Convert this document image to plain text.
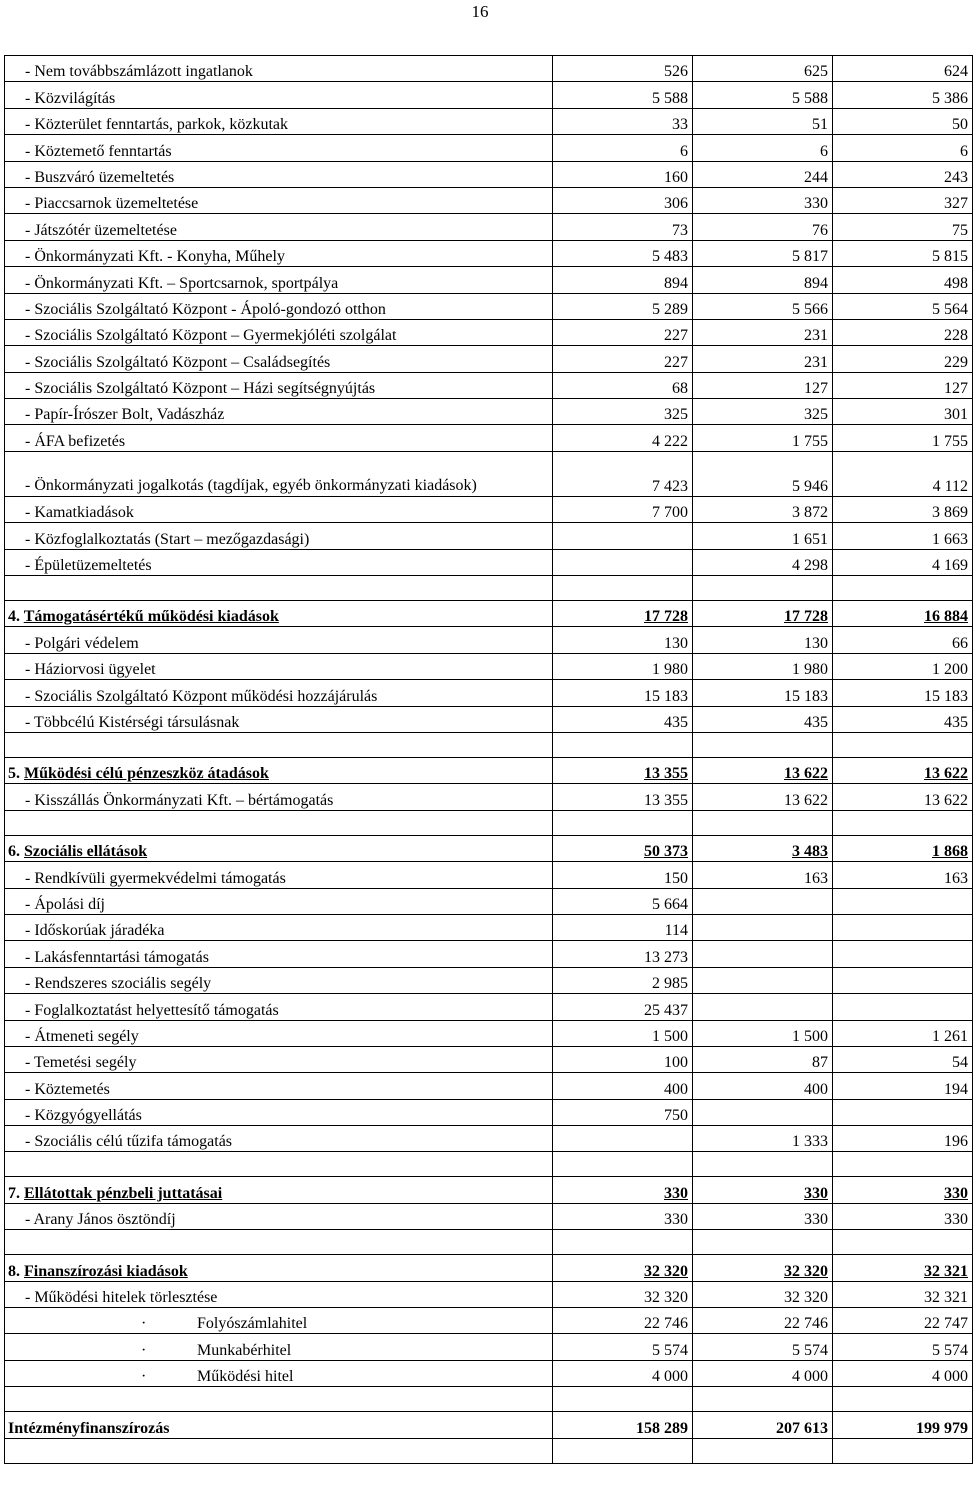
16
- Nem továbbszámlázott ingatlanok	526	625	624
- Közvilágítás	5 588	5 588	5 386
- Közterület fenntartás, parkok, közkutak	33	51	50
- Köztemető fenntartás	6	6	6
- Buszváró üzemeltetés	160	244	243
- Piaccsarnok üzemeltetése	306	330	327
- Játszótér üzemeltetése	73	76	75
- Önkormányzati Kft. - Konyha, Műhely	5 483	5 817	5 815
- Önkormányzati Kft. – Sportcsarnok, sportpálya	894	894	498
- Szociális Szolgáltató Központ - Ápoló-gondozó otthon	5 289	5 566	5 564
- Szociális Szolgáltató Központ – Gyermekjóléti szolgálat	227	231	228
- Szociális Szolgáltató Központ – Családsegítés	227	231	229
- Szociális Szolgáltató Központ – Házi segítségnyújtás	68	127	127
- Papír-Írószer Bolt, Vadászház	325	325	301
- ÁFA befizetés	4 222	1 755	1 755
- Önkormányzati jogalkotás (tagdíjak, egyéb önkormányzati kiadások)	7 423	5 946	4 112
- Kamatkiadások	7 700	3 872	3 869
- Közfoglalkoztatás (Start – mezőgazdasági)		1 651	1 663
- Épületüzemeltetés		4 298	4 169

4. Támogatásértékű működési kiadások	17 728	17 728	16 884
- Polgári védelem	130	130	66
- Háziorvosi ügyelet	1 980	1 980	1 200
- Szociális Szolgáltató Központ működési hozzájárulás	15 183	15 183	15 183
- Többcélú Kistérségi társulásnak	435	435	435

5. Működési célú pénzeszköz átadások	13 355	13 622	13 622
- Kisszállás Önkormányzati Kft. – bértámogatás	13 355	13 622	13 622

6. Szociális ellátások	50 373	3 483	1 868
- Rendkívüli gyermekvédelmi támogatás	150	163	163
- Ápolási díj	5 664		
- Időskorúak járadéka	114		
- Lakásfenntartási támogatás	13 273		
- Rendszeres szociális segély	2 985		
- Foglalkoztatást helyettesítő támogatás	25 437		
- Átmeneti segély	1 500	1 500	1 261
- Temetési segély	100	87	54
- Köztemetés	400	400	194
- Közgyógyellátás	750		
- Szociális célú tűzifa támogatás		1 333	196

7. Ellátottak pénzbeli juttatásai	330	330	330
- Arany János ösztöndíj	330	330	330

8. Finanszírozási kiadások	32 320	32 320	32 321
- Működési hitelek törlesztése	32 320	32 320	32 321
· Folyószámlahitel	22 746	22 746	22 747
· Munkabérhitel	5 574	5 574	5 574
· Működési hitel	4 000	4 000	4 000

Intézményfinanszírozás	158 289	207 613	199 979
